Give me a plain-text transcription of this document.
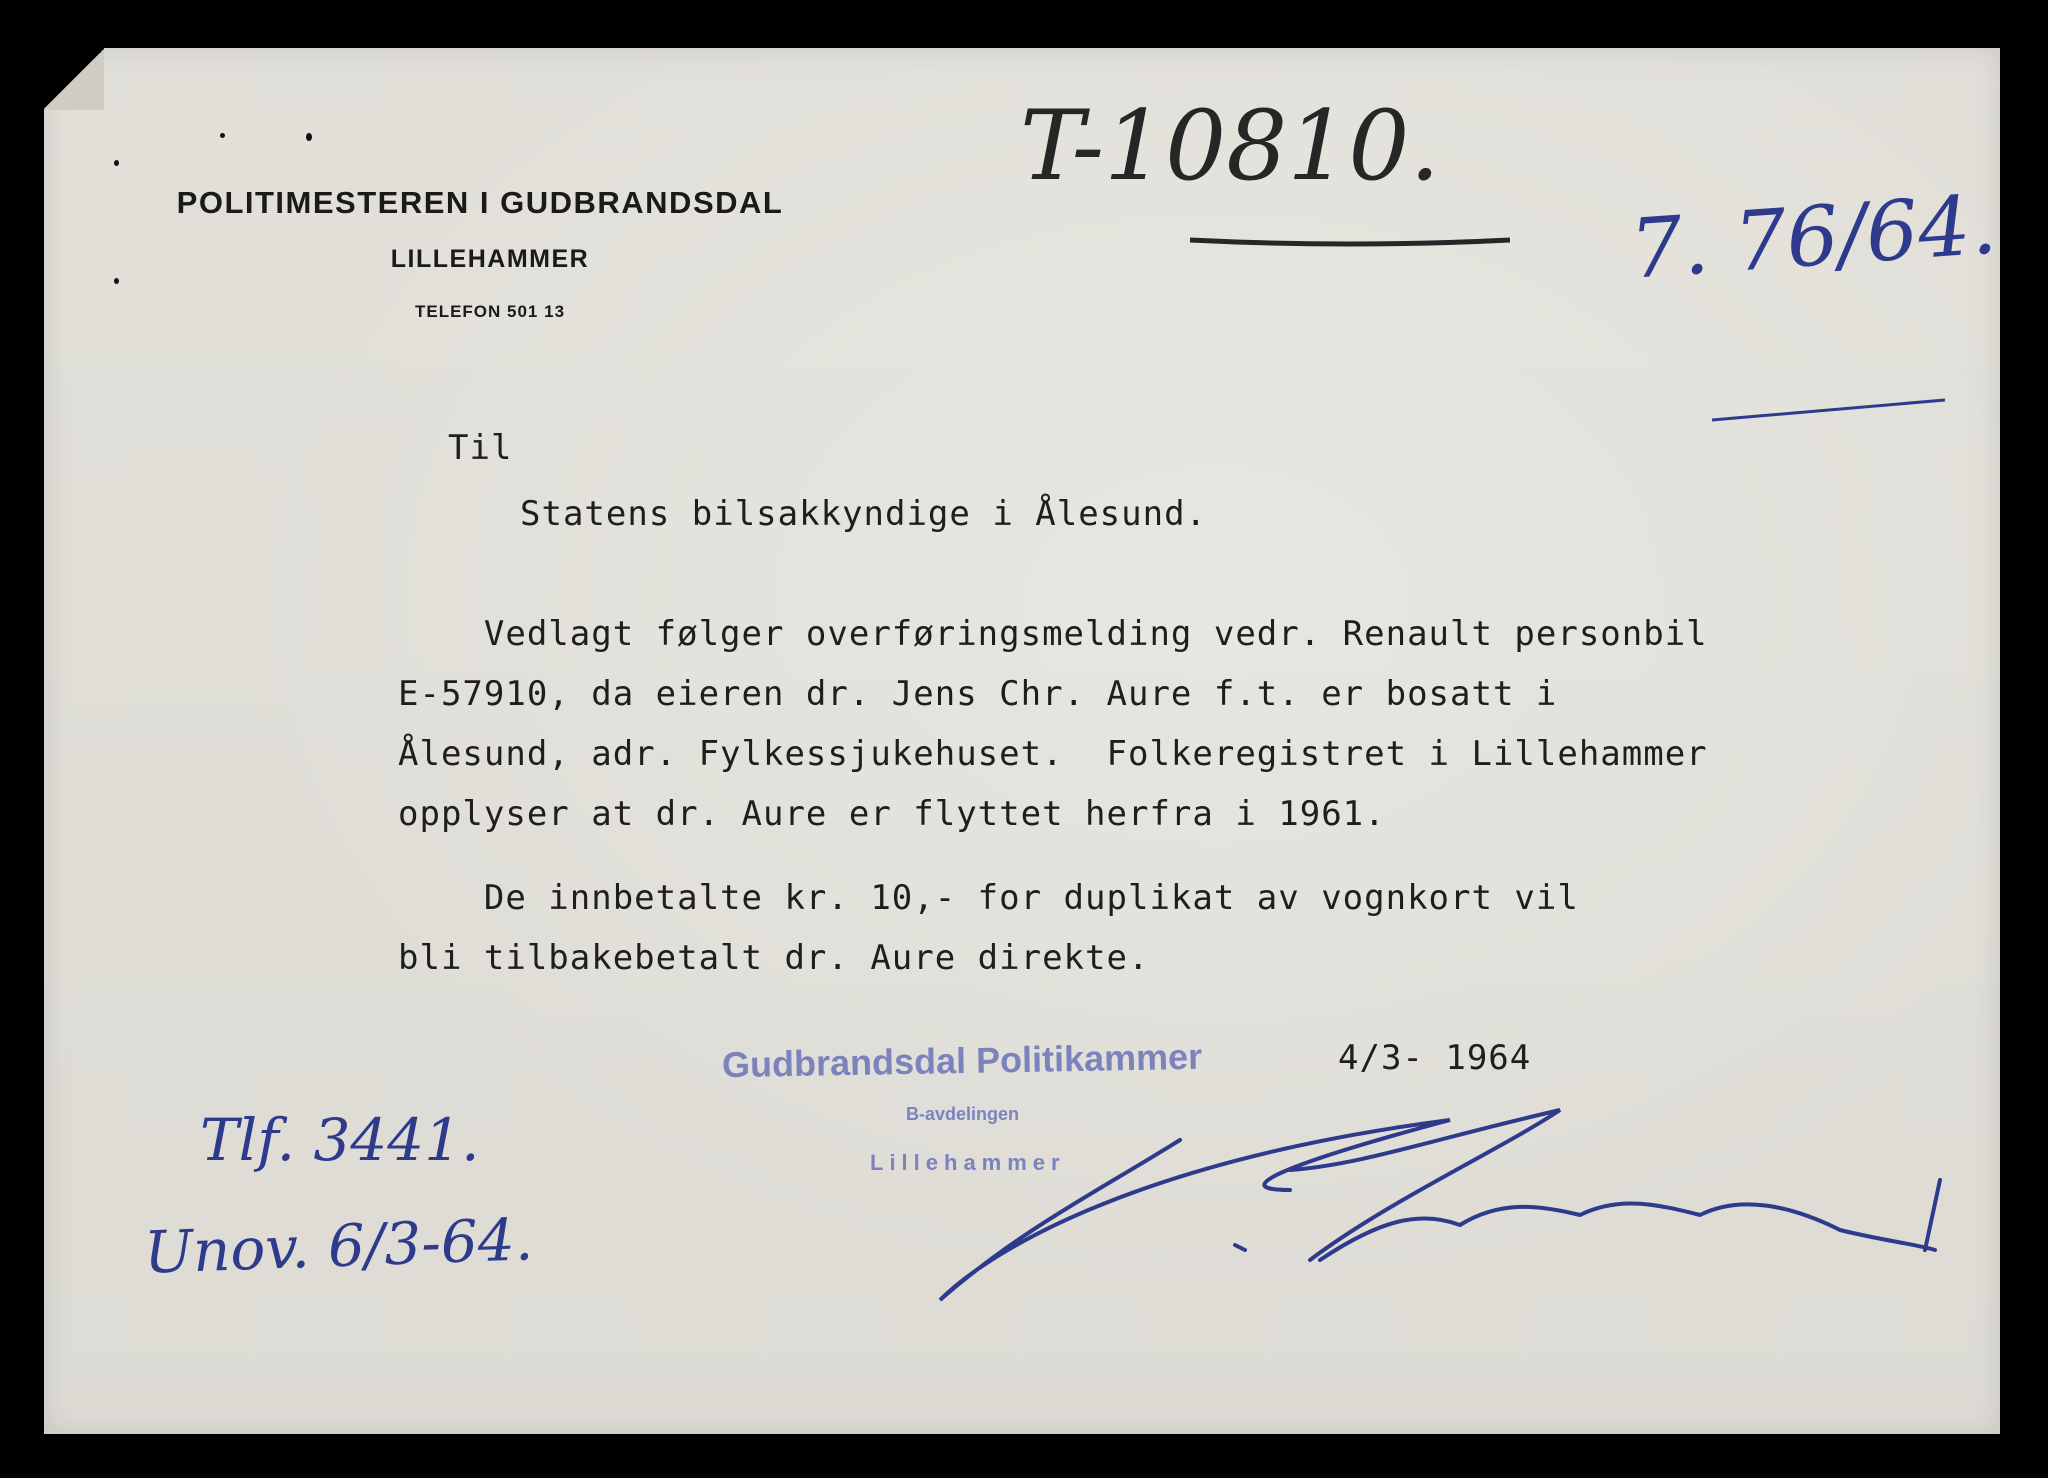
POLITIMESTEREN I GUDBRANDSDAL
LILLEHAMMER
TELEFON 501 13
T-10810.
7. 76/64.
Til
Statens bilsakkyndige i Ålesund.
Vedlagt følger overføringsmelding vedr. Renault personbil
E-57910, da eieren dr. Jens Chr. Aure f.t. er bosatt i
Ålesund, adr. Fylkessjukehuset.  Folkeregistret i Lillehammer
opplyser at dr. Aure er flyttet herfra i 1961.
De innbetalte kr. 10,- for duplikat av vognkort vil
bli tilbakebetalt dr. Aure direkte.
Gudbrandsdal Politikammer
B-avdelingen
Lillehammer
4/3- 1964
Tlf. 3441.
Unov. 6/3-64.
